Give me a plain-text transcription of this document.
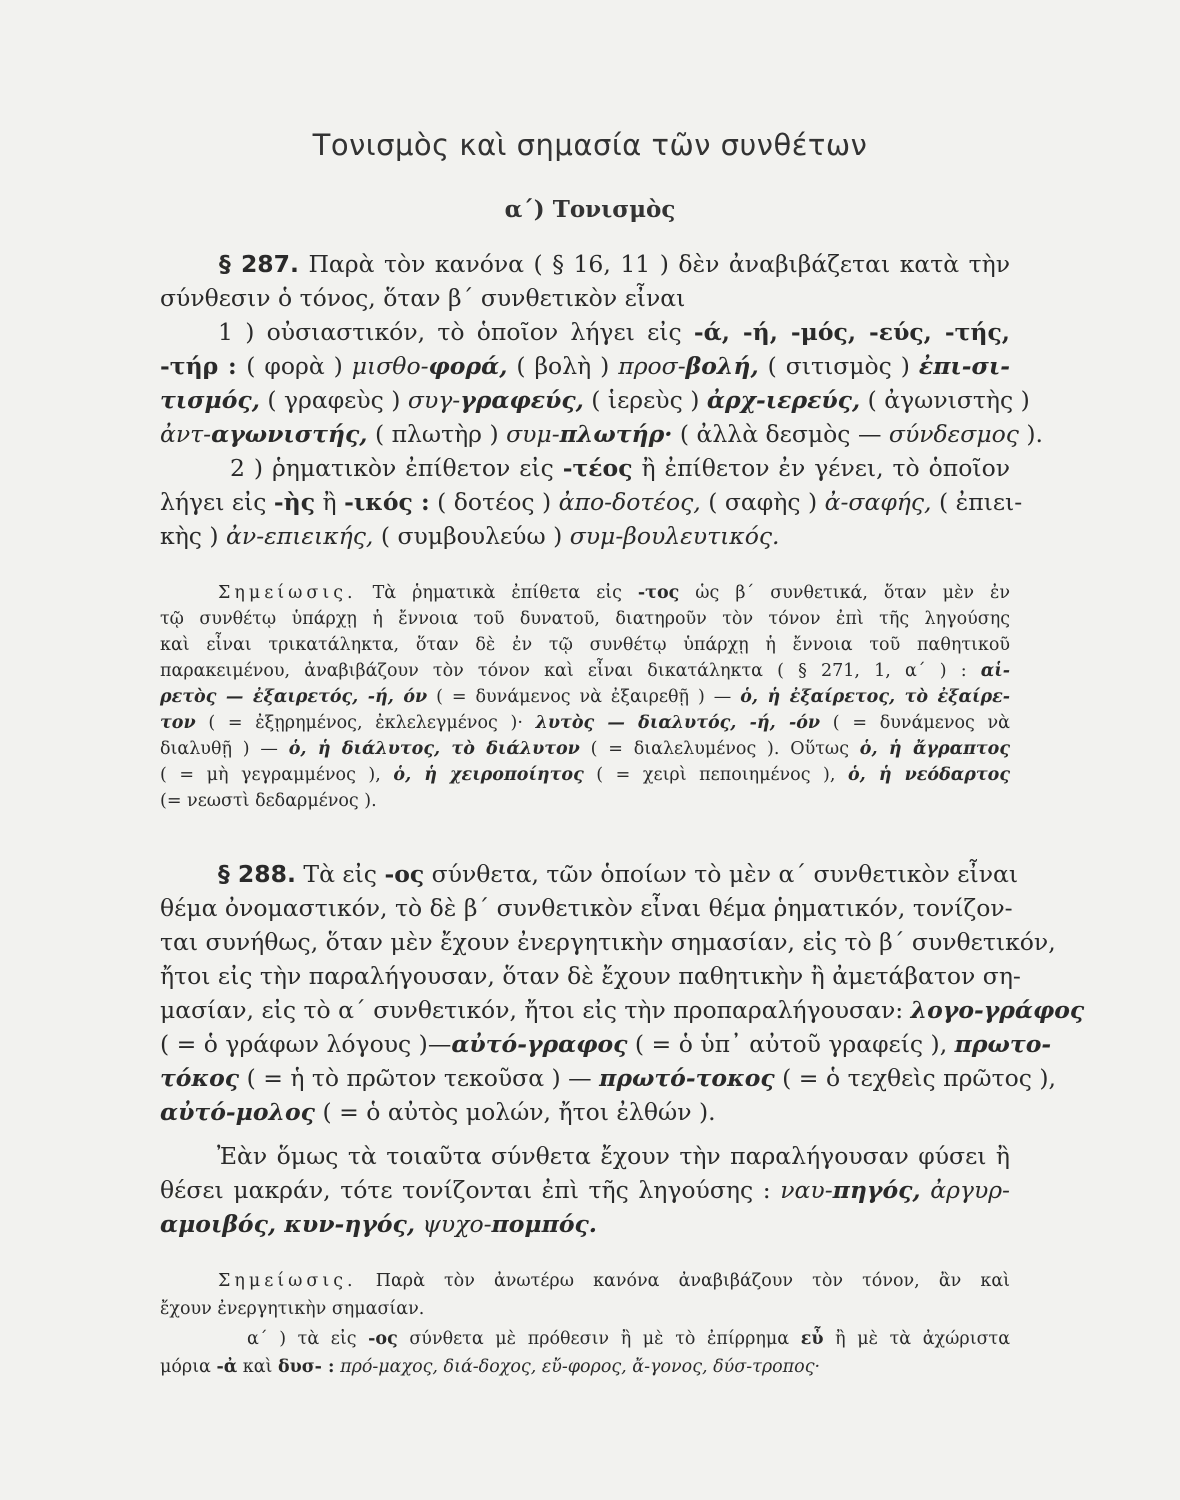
Τονισμὸς καὶ σημασία τῶν συνθέτων
α΄) Τονισμὸς
§ 287. Παρὰ τὸν κανόνα ( § 16, 11 ) δὲν ἀναβιβάζεται κατὰ τὴν
σύνθεσιν ὁ τόνος, ὅταν β΄ συνθετικὸν εἶναι
1 ) οὐσιαστικόν, τὸ ὁποῖον λήγει εἰς -ά, -ή, -μός, -εύς, -τής,
-τήρ : ( φορὰ ) μισθο-φορά, ( βολὴ ) προσ-βολή, ( σιτισμὸς ) ἐπι-σι-
τισμός, ( γραφεὺς ) συγ-γραφεύς, ( ἱερεὺς ) ἀρχ-ιερεύς, ( ἀγωνιστὴς )
ἀντ-αγωνιστής, ( πλωτὴρ ) συμ-πλωτήρ· ( ἀλλὰ δεσμὸς — σύνδεσμος ).
2 ) ῥηματικὸν ἐπίθετον εἰς -τέος ἢ ἐπίθετον ἐν γένει, τὸ ὁποῖον
λήγει εἰς -ὴς ἢ -ικός : ( δοτέος ) ἀπο-δοτέος, ( σαφὴς ) ἀ-σαφής, ( ἐπιει-
κὴς ) ἀν-επιεικής, ( συμβουλεύω ) συμ-βουλευτικός.
Σημείωσις. Τὰ ῥηματικὰ ἐπίθετα εἰς -τος ὡς β΄ συνθετικά, ὅταν μὲν ἐν
τῷ συνθέτῳ ὑπάρχῃ ἡ ἔννοια τοῦ δυνατοῦ, διατηροῦν τὸν τόνον ἐπὶ τῆς ληγούσης
καὶ εἶναι τρικατάληκτα, ὅταν δὲ ἐν τῷ συνθέτῳ ὑπάρχῃ ἡ ἔννοια τοῦ παθητικοῦ
παρακειμένου, ἀναβιβάζουν τὸν τόνον καὶ εἶναι δικατάληκτα ( § 271, 1, α΄ ) : αἱ-
ρετὸς — ἐξαιρετός, -ή, όν ( = δυνάμενος νὰ ἐξαιρεθῇ ) — ὁ, ἡ ἐξαίρετος, τὸ ἐξαίρε-
τον ( = ἐξῃρημένος, ἐκλελεγμένος )· λυτὸς — διαλυτός, -ή, -όν ( = δυνάμενος νὰ
διαλυθῇ ) — ὁ, ἡ διάλυτος, τὸ διάλυτον ( = διαλελυμένος ). Οὕτως ὁ, ἡ ἄγραπτος
( = μὴ γεγραμμένος ), ὁ, ἡ χειροποίητος ( = χειρὶ πεποιημένος ), ὁ, ἡ νεόδαρτος
(= νεωστὶ δεδαρμένος ).
§ 288. Τὰ εἰς -ος σύνθετα, τῶν ὁποίων τὸ μὲν α΄ συνθετικὸν εἶναι
θέμα ὀνομαστικόν, τὸ δὲ β΄ συνθετικὸν εἶναι θέμα ῥηματικόν, τονίζον-
ται συνήθως, ὅταν μὲν ἔχουν ἐνεργητικὴν σημασίαν, εἰς τὸ β΄ συνθετικόν,
ἤτοι εἰς τὴν παραλήγουσαν, ὅταν δὲ ἔχουν παθητικὴν ἢ ἀμετάβατον ση-
μασίαν, εἰς τὸ α΄ συνθετικόν, ἤτοι εἰς τὴν προπαραλήγουσαν: λογο-γράφος
( = ὁ γράφων λόγους )—αὐτό-γραφος ( = ὁ ὑπ᾽ αὐτοῦ γραφείς ), πρωτο-
τόκος ( = ἡ τὸ πρῶτον τεκοῦσα ) — πρωτό-τοκος ( = ὁ τεχθεὶς πρῶτος ),
αὐτό-μολος ( = ὁ αὐτὸς μολών, ἤτοι ἐλθών ).
Ἐὰν ὅμως τὰ τοιαῦτα σύνθετα ἔχουν τὴν παραλήγουσαν φύσει ἢ
θέσει μακράν, τότε τονίζονται ἐπὶ τῆς ληγούσης : ναυ-πηγός, ἀργυρ-
αμοιβός, κυν-ηγός, ψυχο-πομπός.
Σημείωσις. Παρὰ τὸν ἀνωτέρω κανόνα ἀναβιβάζουν τὸν τόνον, ἂν καὶ
ἔχουν ἐνεργητικὴν σημασίαν.
α΄ ) τὰ εἰς -ος σύνθετα μὲ πρόθεσιν ἢ μὲ τὸ ἐπίρρημα εὖ ἢ μὲ τὰ ἀχώριστα
μόρια -ἀ καὶ δυσ- : πρό-μαχος, διά-δοχος, εὔ-φορος, ἄ-γονος, δύσ-τροπος·
